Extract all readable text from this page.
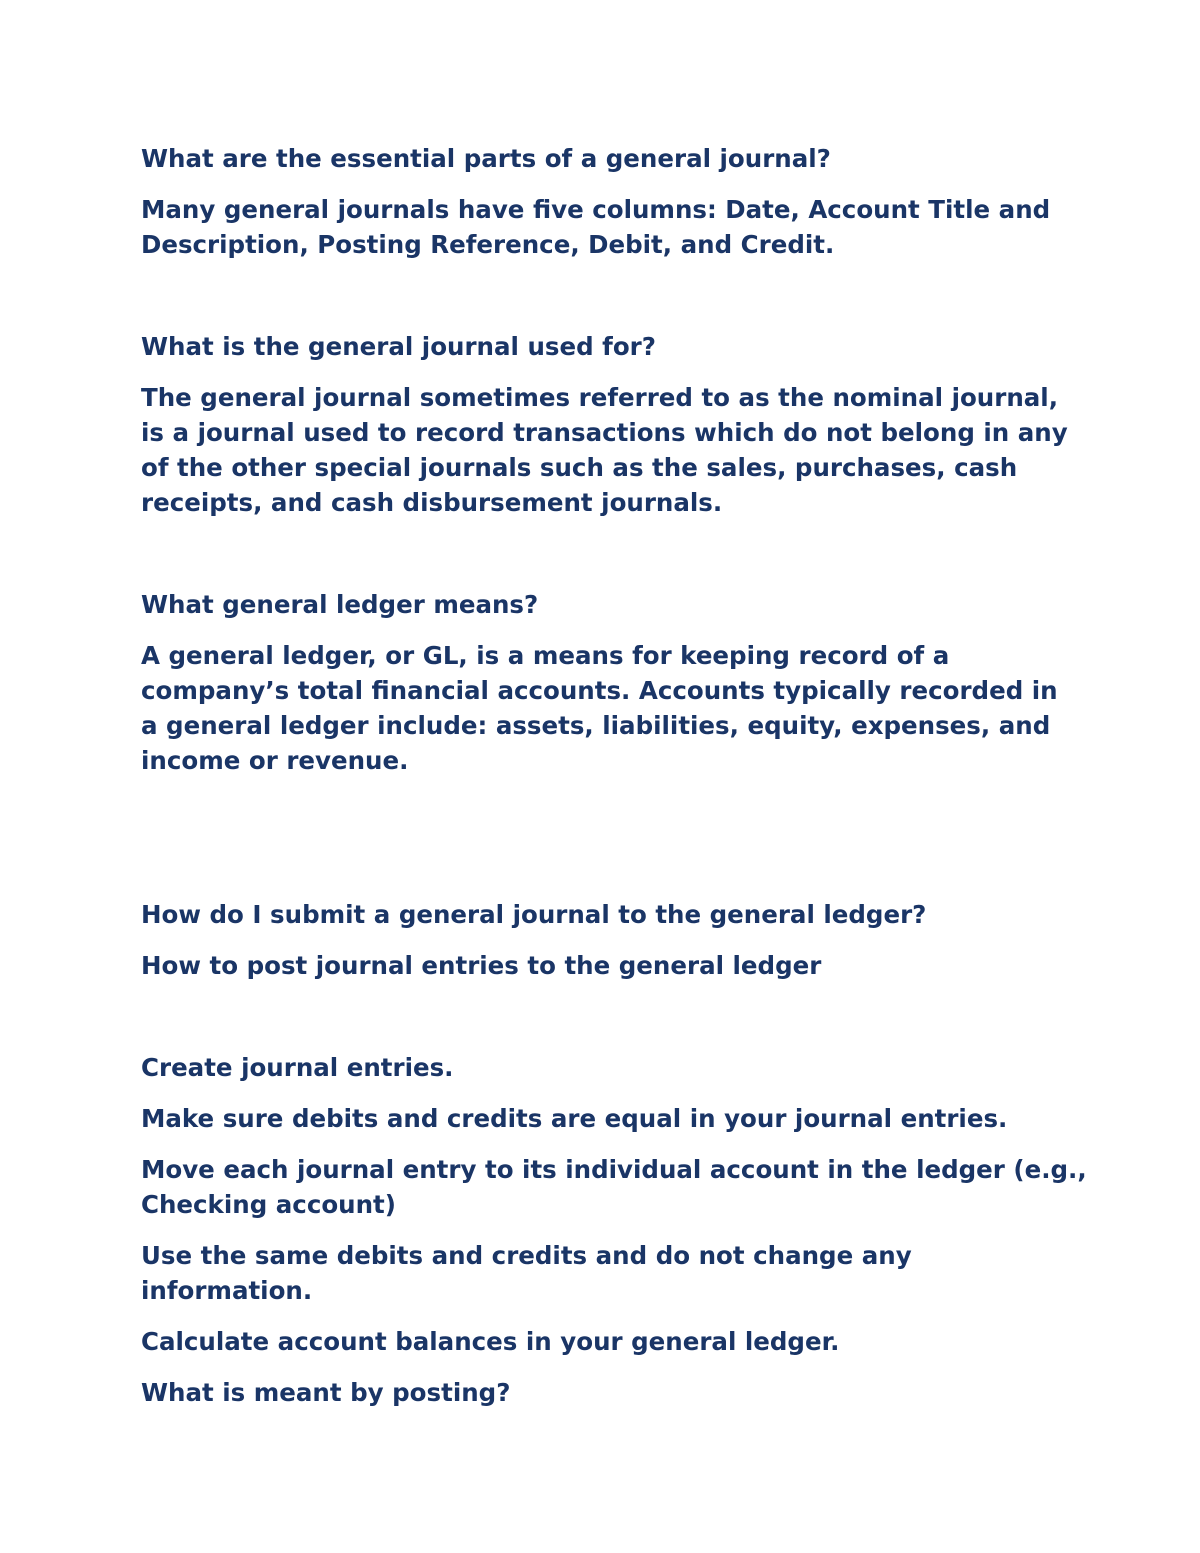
What are the essential parts of a general journal?

Many general journals have five columns: Date, Account Title and
Description, Posting Reference, Debit, and Credit.

What is the general journal used for?

The general journal sometimes referred to as the nominal journal,
is a journal used to record transactions which do not belong in any
of the other special journals such as the sales, purchases, cash
receipts, and cash disbursement journals.

What general ledger means?

A general ledger, or GL, is a means for keeping record of a
company’s total financial accounts. Accounts typically recorded in
a general ledger include: assets, liabilities, equity, expenses, and
income or revenue.

How do I submit a general journal to the general ledger?

How to post journal entries to the general ledger

Create journal entries.

Make sure debits and credits are equal in your journal entries.

Move each journal entry to its individual account in the ledger (e.g.,
Checking account)

Use the same debits and credits and do not change any
information.

Calculate account balances in your general ledger.

What is meant by posting?
